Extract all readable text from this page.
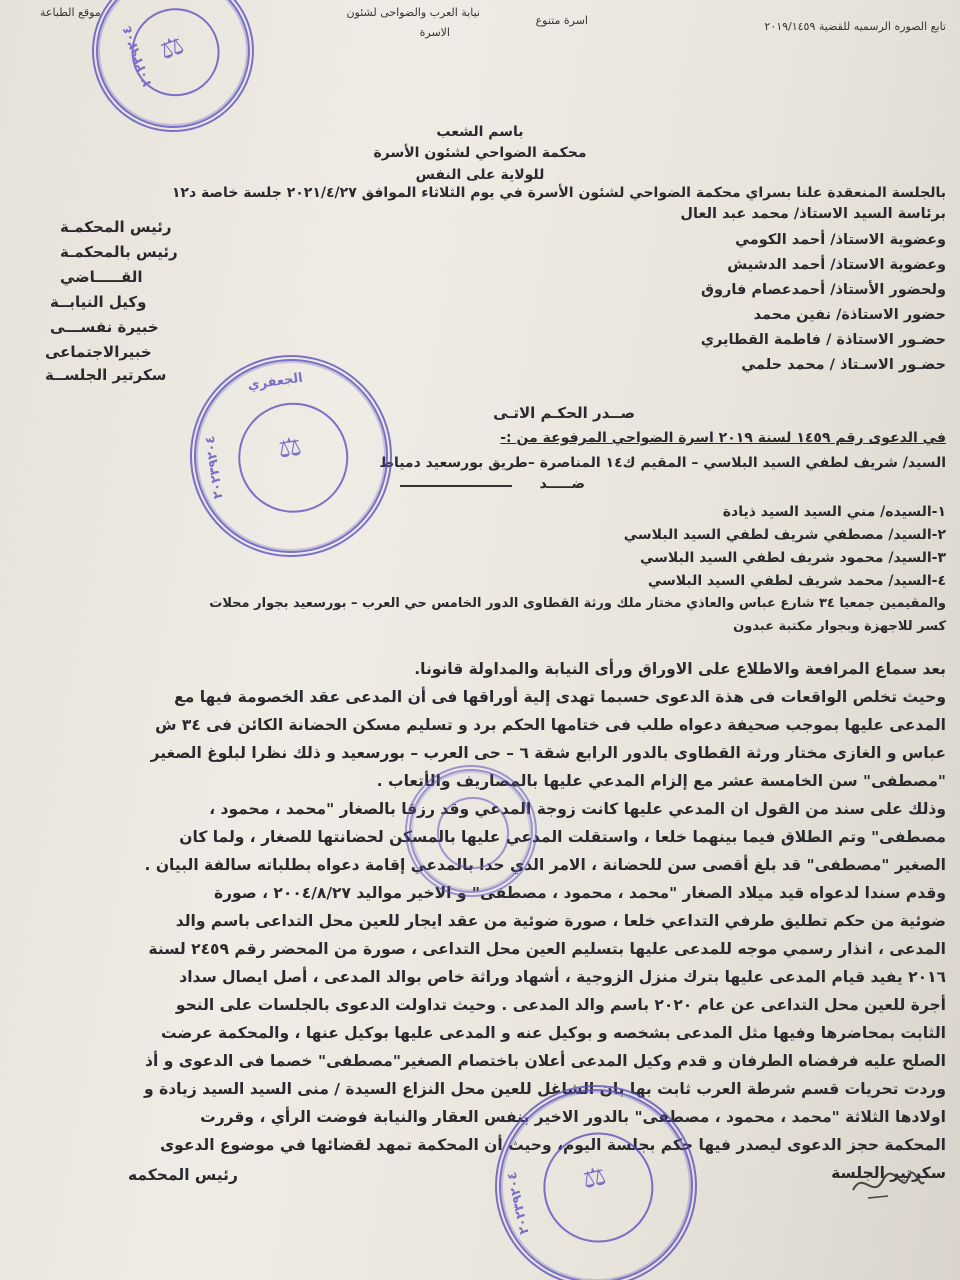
تابع الصوره الرسميه للقضية ٢٠١٩/١٤٥٩
اسرة متنوع
نيابة العرب والضواحى لشئون
الاسرة
موقع الطباعة
باسم الشعب
محكمة الضواحي لشئون الأسرة
للولاية على النفس
بالجلسة المنعقدة علنا بسراي محكمة الضواحي لشئون الأسرة في يوم الثلاثاء الموافق ٢٠٢١/٤/٢٧ جلسة خاصة د١٢
برئاسة السيد الاستاذ/ محمد عبد العال
وعضوية الاستاذ/ أحمد الكومي
وعضوية الاستاذ/ أحمد الدشيش
ولحضور الأستاذ/ أحمدعصام فاروق
حضور الاستاذة/ نفين محمد
حضـور الاستاذة / فاطمة القطايري
حضـور الاسـتاذ / محمد حلمي
رئيس المحكمـة
رئيس بالمحكمـة
القـــــاضي
وكيل النيابــة
خبيرة نفســـى
خبيرالاجتماعى
سكرتير الجلســة
صــدر الحكـم الاتـى
في الدعوى رقم ١٤٥٩ لسنة ٢٠١٩ اسرة الضواحي المرفوعة من :-
السيد/ شريف لطفي السيد البلاسي – المقيم ك١٤ المناصرة –طريق بورسعيد دمياط
ضـــــد
١-السيده/ مني السيد السيد ذيادة
٢-السيد/ مصطفي شريف لطفي السيد البلاسي
٣-السيد/ محمود شريف لطفي السيد البلاسي
٤-السيد/ محمد شريف لطفي السيد البلاسي
والمقيمين جمعيا ٣٤ شارع عباس والعاذي مختار ملك ورثة القطاوى الدور الخامس حي العرب – بورسعيد بجوار محلات
كسر للاجهزة وبجوار مكتبة عبدون
بعد سماع المرافعة والاطلاع على الاوراق ورأى النيابة والمداولة قانونا.
وحيث تخلص الواقعات فى هذة الدعوى حسبما تهدى إلية أوراقها فى أن المدعى عقد الخصومة فيها مع
المدعى عليها بموجب صحيفة دعواه طلب فى ختامها الحكم برد و تسليم مسكن الحضانة الكائن فى ٣٤ ش
عباس و الغازى مختار ورثة القطاوى بالدور الرابع شقة ٦ – حى العرب – بورسعيد و ذلك نظرا لبلوغ الصغير
"مصطفى" سن الخامسة عشر مع إلزام المدعي عليها بالمصاريف والأتعاب .
وذلك على سند من القول ان المدعي عليها كانت زوجة المدعي وقد رزقا بالصغار "محمد ، محمود ،
مصطفى" وتم الطلاق فيما بينهما خلعا ، واستقلت المدعي عليها بالمسكن لحضانتها للصغار ، ولما كان
الصغير "مصطفى" قد بلغ أقصى سن للحضانة ، الامر الذي حدا بالمدعي إقامة دعواه بطلباته سالفة البيان .
وقدم سندا لدعواه قيد ميلاد الصغار "محمد ، محمود ، مصطفى" و الاخير مواليد ٢٠٠٤/٨/٢٧ ، صورة
ضوئية من حكم تطليق طرفي التداعي خلعا ، صورة ضوئية من عقد ايجار للعين محل التداعى باسم والد
المدعى ، انذار رسمي موجه للمدعى عليها بتسليم العين محل التداعى ، صورة من المحضر رقم ٢٤٥٩ لسنة
٢٠١٦ يفيد قيام المدعى عليها بترك منزل الزوجية ، أشهاد وراثة خاص بوالد المدعى ، أصل ايصال سداد
أجرة للعين محل التداعى عن عام ٢٠٢٠ باسم والد المدعى . وحيث تداولت الدعوى بالجلسات على النحو
الثابت بمحاضرها وفيها مثل المدعى بشخصه و بوكيل عنه و المدعى عليها بوكيل عنها ، والمحكمة عرضت
الصلح عليه فرفضاه الطرفان و قدم وكيل المدعى أعلان باختصام الصغير"مصطفى" خصما فى الدعوى و أذ
وردت تحريات قسم شرطة العرب ثابت بها بان الشاغل للعين محل النزاع السيدة / منى السيد السيد زيادة و
اولادها الثلاثة "محمد ، محمود ، مصطفى" بالدور الاخير بنفس العقار والنيابة فوضت الرأي ، وقررت
المحكمة حجز الدعوى ليصدر فيها حكم بجلسة اليوم، وحيث أن المحكمة تمهد لقضائها في موضوع الدعوى
سكرتير الجلسة
رئيس المحكمه
⚖
٢٠٢٣٩٢٠٤
⚖
الجعفري
٢٠٢٣٩٢٠٤
⚖
٢٠٢٣٩٢٠٤
